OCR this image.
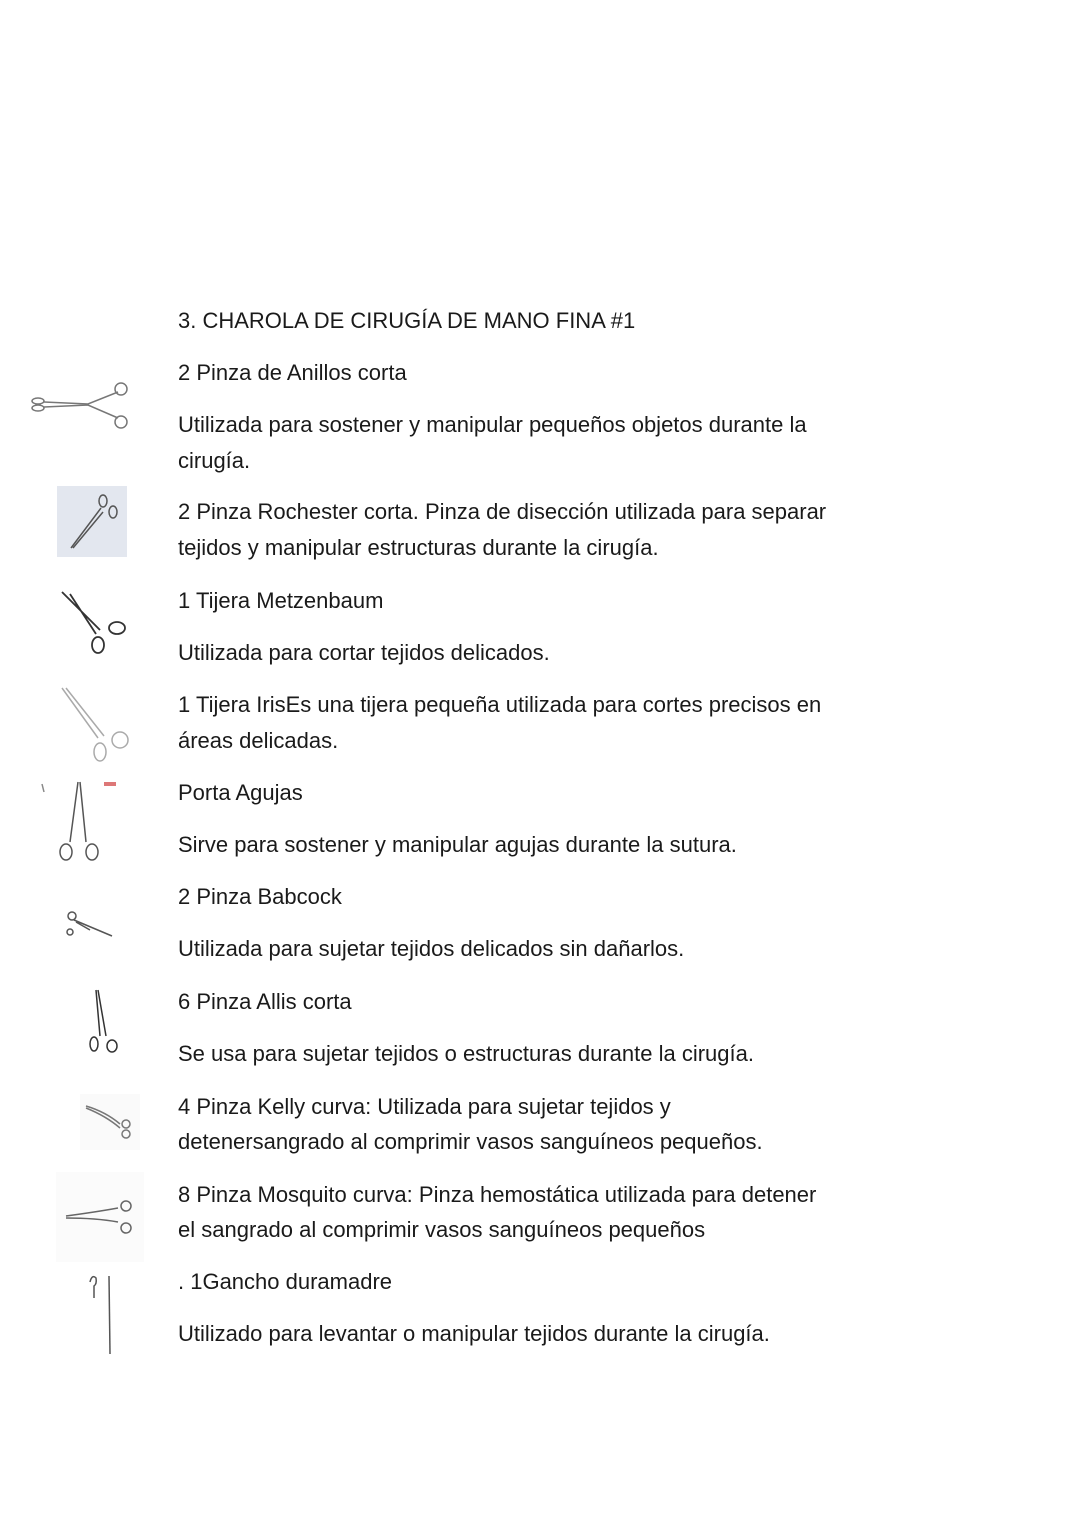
3. CHAROLA DE CIRUGÍA DE MANO FINA #1
2 Pinza de Anillos corta
Utilizada para sostener y manipular pequeños objetos durante la
cirugía.
2 Pinza Rochester corta. Pinza de disección utilizada para separar
tejidos y manipular estructuras durante la cirugía.
1 Tijera Metzenbaum
Utilizada para cortar tejidos delicados.
1 Tijera IrisEs una tijera pequeña utilizada para cortes precisos en
áreas delicadas.
Porta Agujas
Sirve para sostener y manipular agujas durante la sutura.
2 Pinza Babcock
Utilizada para sujetar tejidos delicados sin dañarlos.
6 Pinza Allis corta
Se usa para sujetar tejidos o estructuras durante la cirugía.
4 Pinza Kelly curva: Utilizada para sujetar tejidos y
detenersangrado al comprimir vasos sanguíneos pequeños.
8 Pinza Mosquito curva: Pinza hemostática utilizada para detener
el sangrado al comprimir vasos sanguíneos pequeños
. 1Gancho duramadre
Utilizado para levantar o manipular tejidos durante la cirugía.
